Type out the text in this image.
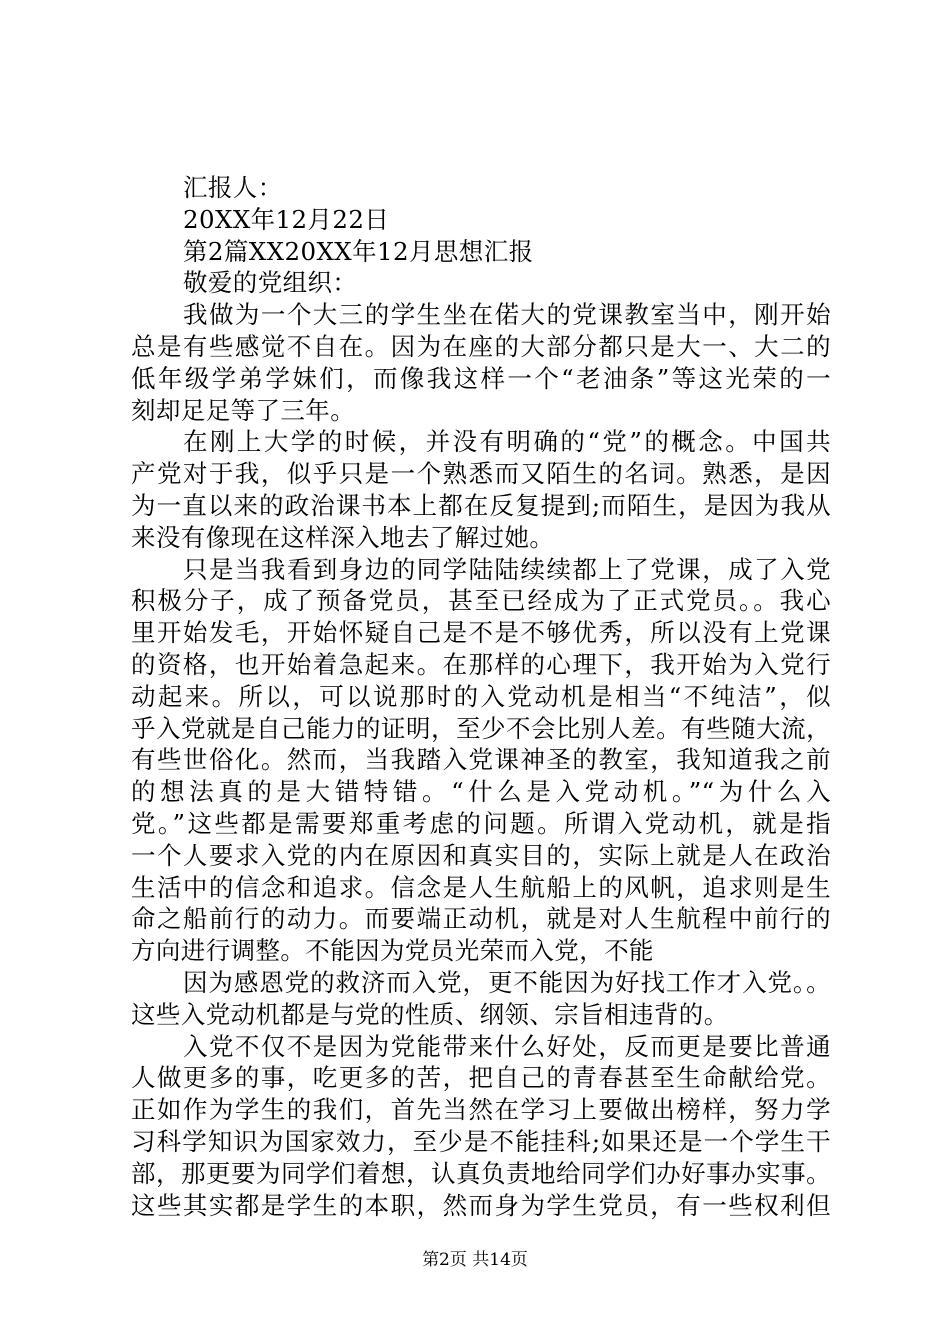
汇报人：
20XX年12月22日
第2篇XX20XX年12月思想汇报
敬爱的党组织：
我做为一个大三的学生坐在偌大的党课教室当中，刚开始
总是有些感觉不自在。因为在座的大部分都只是大一、大二的
低年级学弟学妹们，而像我这样一个“老油条”等这光荣的一
刻却足足等了三年。
在刚上大学的时候，并没有明确的“党”的概念。中国共
产党对于我，似乎只是一个熟悉而又陌生的名词。熟悉，是因
为一直以来的政治课书本上都在反复提到;而陌生，是因为我从
来没有像现在这样深入地去了解过她。
只是当我看到身边的同学陆陆续续都上了党课，成了入党
积极分子，成了预备党员，甚至已经成为了正式党员。。我心
里开始发毛，开始怀疑自己是不是不够优秀，所以没有上党课
的资格，也开始着急起来。在那样的心理下，我开始为入党行
动起来。所以，可以说那时的入党动机是相当“不纯洁”，似
乎入党就是自己能力的证明，至少不会比别人差。有些随大流，
有些世俗化。然而，当我踏入党课神圣的教室，我知道我之前
的想法真的是大错特错。“什么是入党动机。”“为什么入
党。”这些都是需要郑重考虑的问题。所谓入党动机，就是指
一个人要求入党的内在原因和真实目的，实际上就是人在政治
生活中的信念和追求。信念是人生航船上的风帆，追求则是生
命之船前行的动力。而要端正动机，就是对人生航程中前行的
方向进行调整。不能因为党员光荣而入党，不能
因为感恩党的救济而入党，更不能因为好找工作才入党。。
这些入党动机都是与党的性质、纲领、宗旨相违背的。
入党不仅不是因为党能带来什么好处，反而更是要比普通
人做更多的事，吃更多的苦，把自己的青春甚至生命献给党。
正如作为学生的我们，首先当然在学习上要做出榜样，努力学
习科学知识为国家效力，至少是不能挂科;如果还是一个学生干
部，那更要为同学们着想，认真负责地给同学们办好事办实事。
这些其实都是学生的本职，然而身为学生党员，有一些权利但
第2页 共14页
